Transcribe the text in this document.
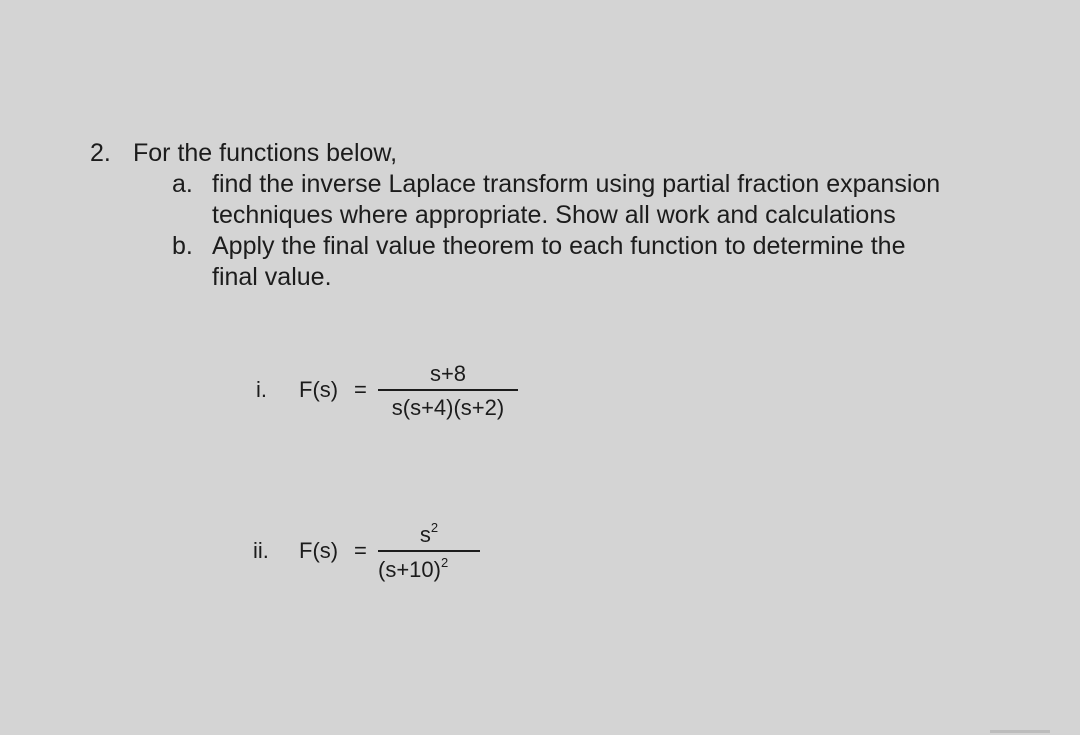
2. For the functions below,
a. find the inverse Laplace transform using partial fraction expansion
techniques where appropriate. Show all work and calculations
b. Apply the final value theorem to each function to determine the
final value.
i. F(s) =
s+8
s(s+4)(s+2)
ii. F(s) =
$s^2$
$(s+10)^2$
